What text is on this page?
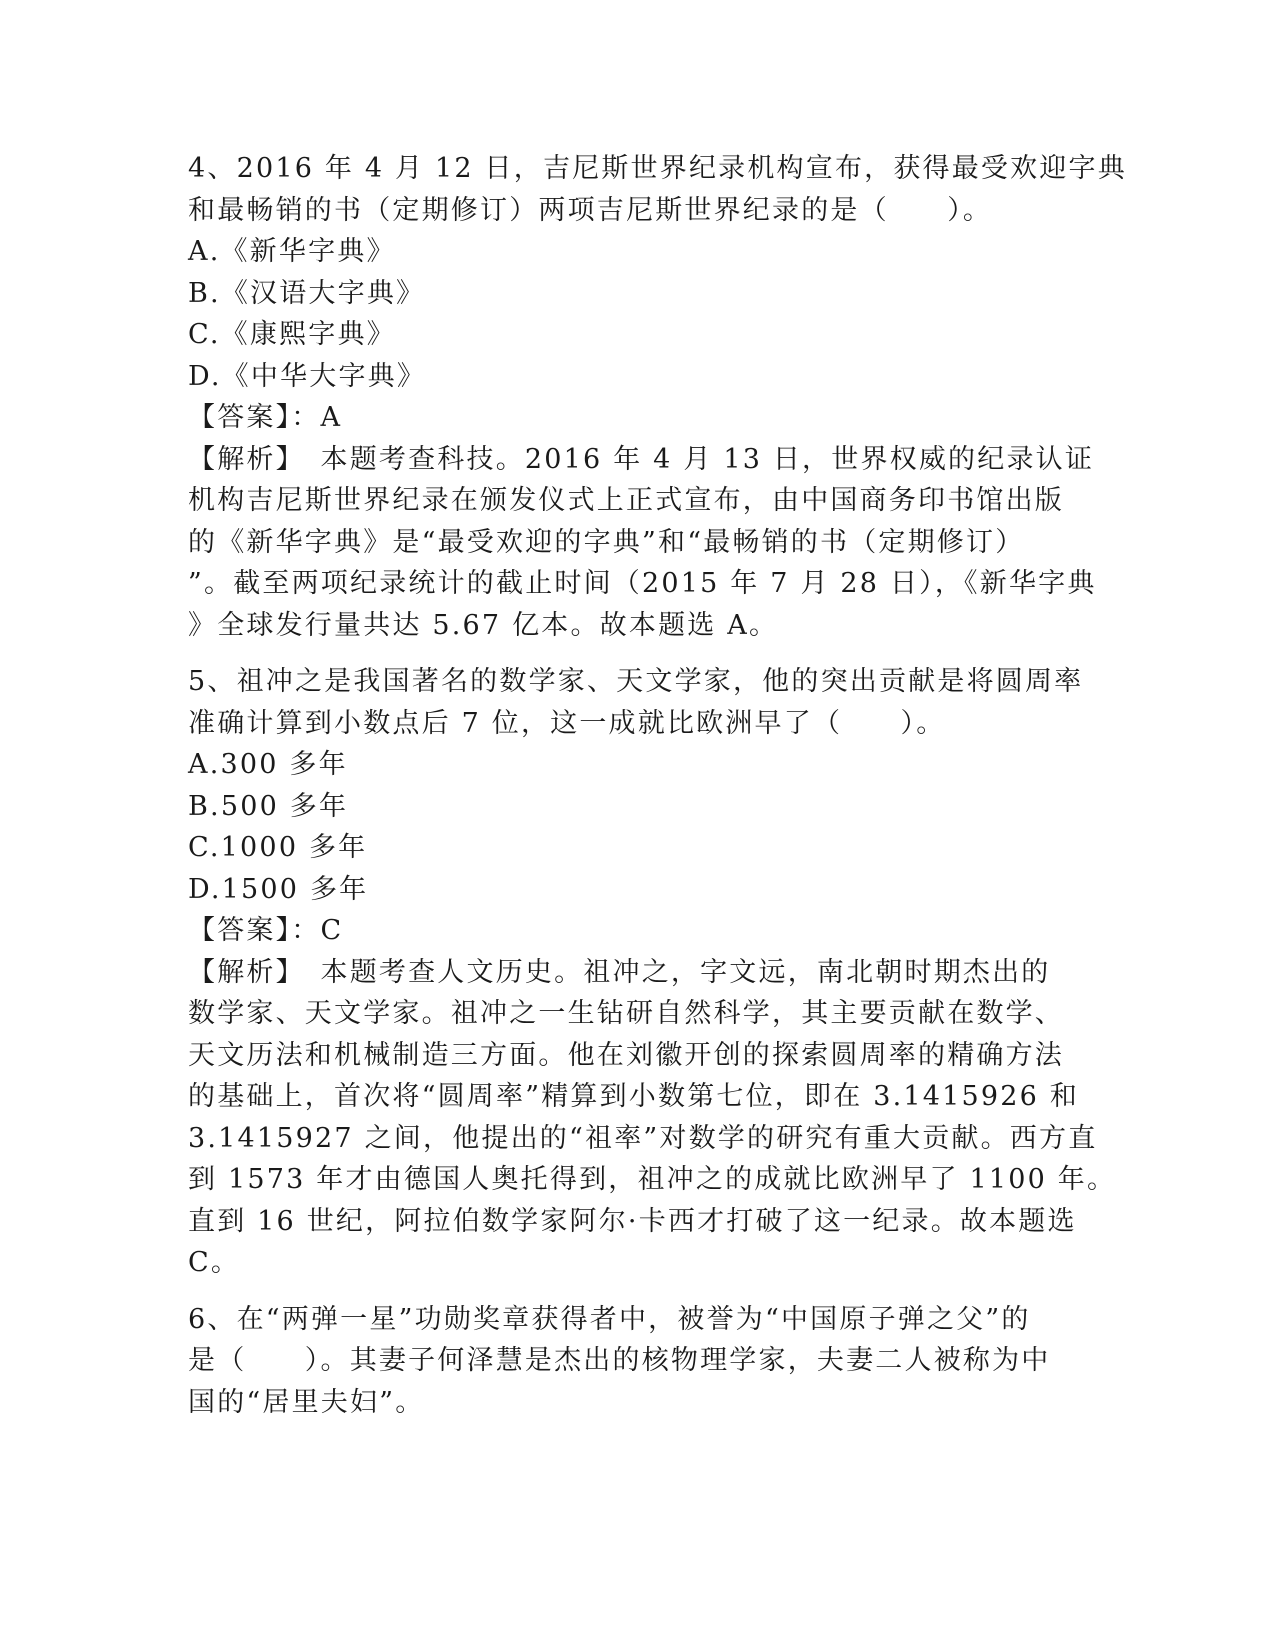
4、2016 年 4 月 12 日，吉尼斯世界纪录机构宣布，获得最受欢迎字典
和最畅销的书（定期修订）两项吉尼斯世界纪录的是（　　）。
A.《新华字典》
B.《汉语大字典》
C.《康熙字典》
D.《中华大字典》
【答案】：A
【解析】　本题考查科技。2016 年 4 月 13 日，世界权威的纪录认证
机构吉尼斯世界纪录在颁发仪式上正式宣布，由中国商务印书馆出版
的《新华字典》是“最受欢迎的字典”和“最畅销的书（定期修订）
”。截至两项纪录统计的截止时间（2015 年 7 月 28 日），《新华字典
》全球发行量共达 5.67 亿本。故本题选 A。
5、祖冲之是我国著名的数学家、天文学家，他的突出贡献是将圆周率
准确计算到小数点后 7 位，这一成就比欧洲早了（　　）。
A.300 多年
B.500 多年
C.1000 多年
D.1500 多年
【答案】：C
【解析】　本题考查人文历史。祖冲之，字文远，南北朝时期杰出的
数学家、天文学家。祖冲之一生钻研自然科学，其主要贡献在数学、
天文历法和机械制造三方面。他在刘徽开创的探索圆周率的精确方法
的基础上，首次将“圆周率”精算到小数第七位，即在 3.1415926 和
3.1415927 之间，他提出的“祖率”对数学的研究有重大贡献。西方直
到 1573 年才由德国人奥托得到，祖冲之的成就比欧洲早了 1100 年。
直到 16 世纪，阿拉伯数学家阿尔·卡西才打破了这一纪录。故本题选
C。
6、在“两弹一星”功勋奖章获得者中，被誉为“中国原子弹之父”的
是（　　）。其妻子何泽慧是杰出的核物理学家，夫妻二人被称为中
国的“居里夫妇”。
